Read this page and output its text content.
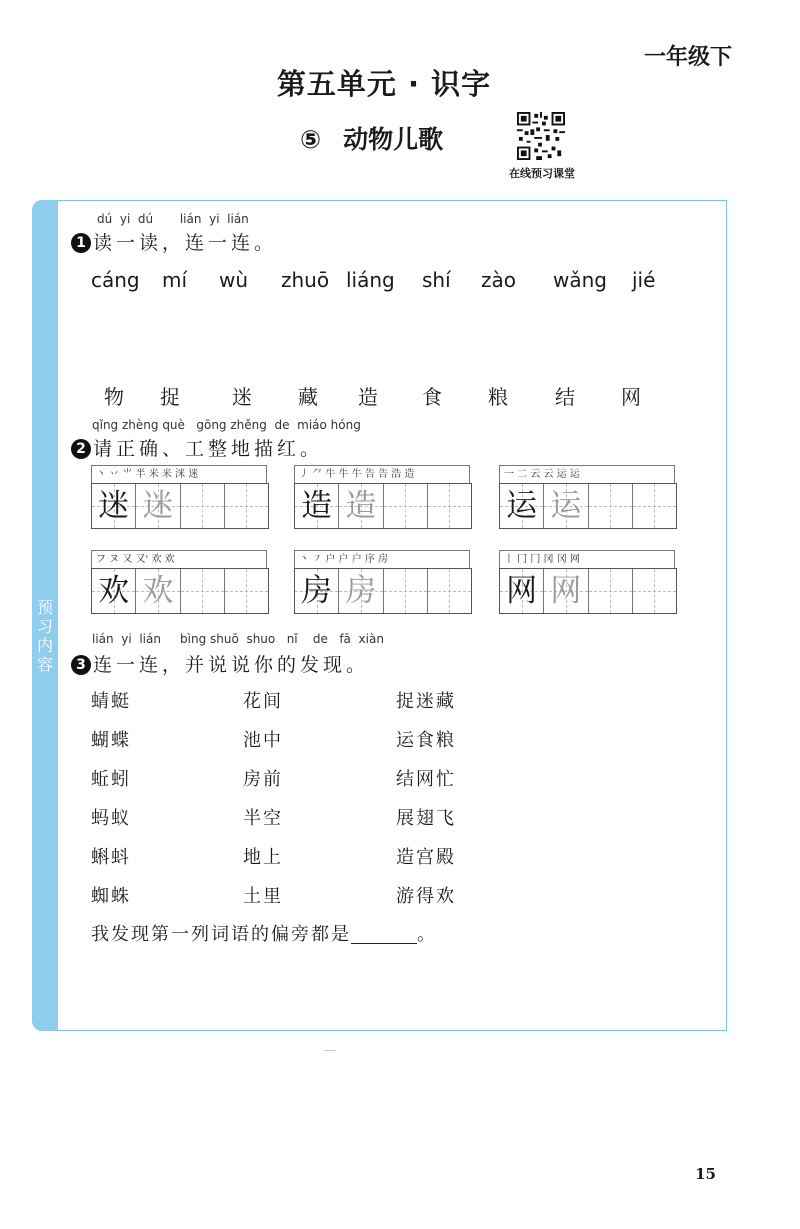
一年级下
第五单元 · 识字
⑤ 动物儿歌
在线预习课堂
预习内容
dú  yi  dú       lián  yi  lián
1 读一读，连一连。
cáng mí wù zhuō liáng shí zào wǎng jié
物 捉	迷 藏 造 食 粮 结 网
qǐng zhèng què   gōng zhěng  de  miáo hóng
2 请正确、工整地描红。
丶 丷 ⺌ 半 米 米 洣 迷
迷 迷
丿 ⺈ 牛 牛 牛 告 告 浩 造
造 造
一 二 云 云 运 运
运 运
フ ヌ 又 又' 欢 欢
欢 欢
丶 ㇇ 户 户 户 序 房
房 房
丨 冂 冂 冈 冈 网
网 网
lián  yi  lián     bìng shuō  shuo   nǐ    de   fā  xiàn
3 连一连，并说说你的发现。
蜻蜓	花间	捉迷藏
蝴蝶	池中	运食粮
蚯蚓	房前	结网忙
蚂蚁	半空	展翅飞
蝌蚪	地上	造宫殿
蜘蛛	土里	游得欢
我发现第一列词语的偏旁都是	。
15
